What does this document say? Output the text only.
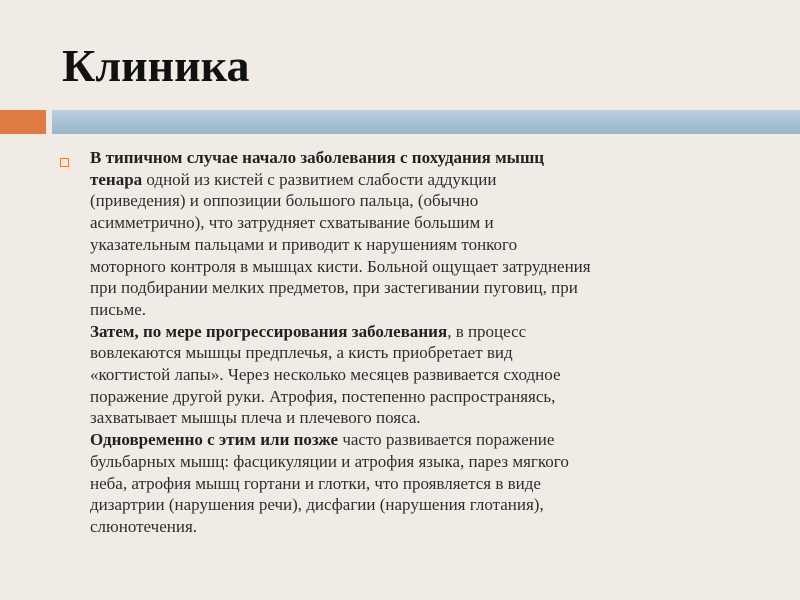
Клиника
В типичном случае начало заболевания с похудания мышц
тенара одной из кистей с развитием слабости аддукции
(приведения) и оппозиции большого пальца, (обычно
асимметрично), что затрудняет схватывание большим и
указательным пальцами и приводит к нарушениям тонкого
моторного контроля в мышцах кисти. Больной ощущает затруднения
при подбирании мелких предметов, при застегивании пуговиц, при
письме.
Затем, по мере прогрессирования заболевания, в процесс
вовлекаются мышцы предплечья, а кисть приобретает вид
«когтистой лапы». Через несколько месяцев развивается сходное
поражение другой руки. Атрофия, постепенно распространяясь,
захватывает мышцы плеча и плечевого пояса.
Одновременно с этим или позже часто развивается поражение
бульбарных мышц: фасцикуляции и атрофия языка, парез мягкого
неба, атрофия мышц гортани и глотки, что проявляется в виде
дизартрии (нарушения речи), дисфагии (нарушения глотания),
слюнотечения.
